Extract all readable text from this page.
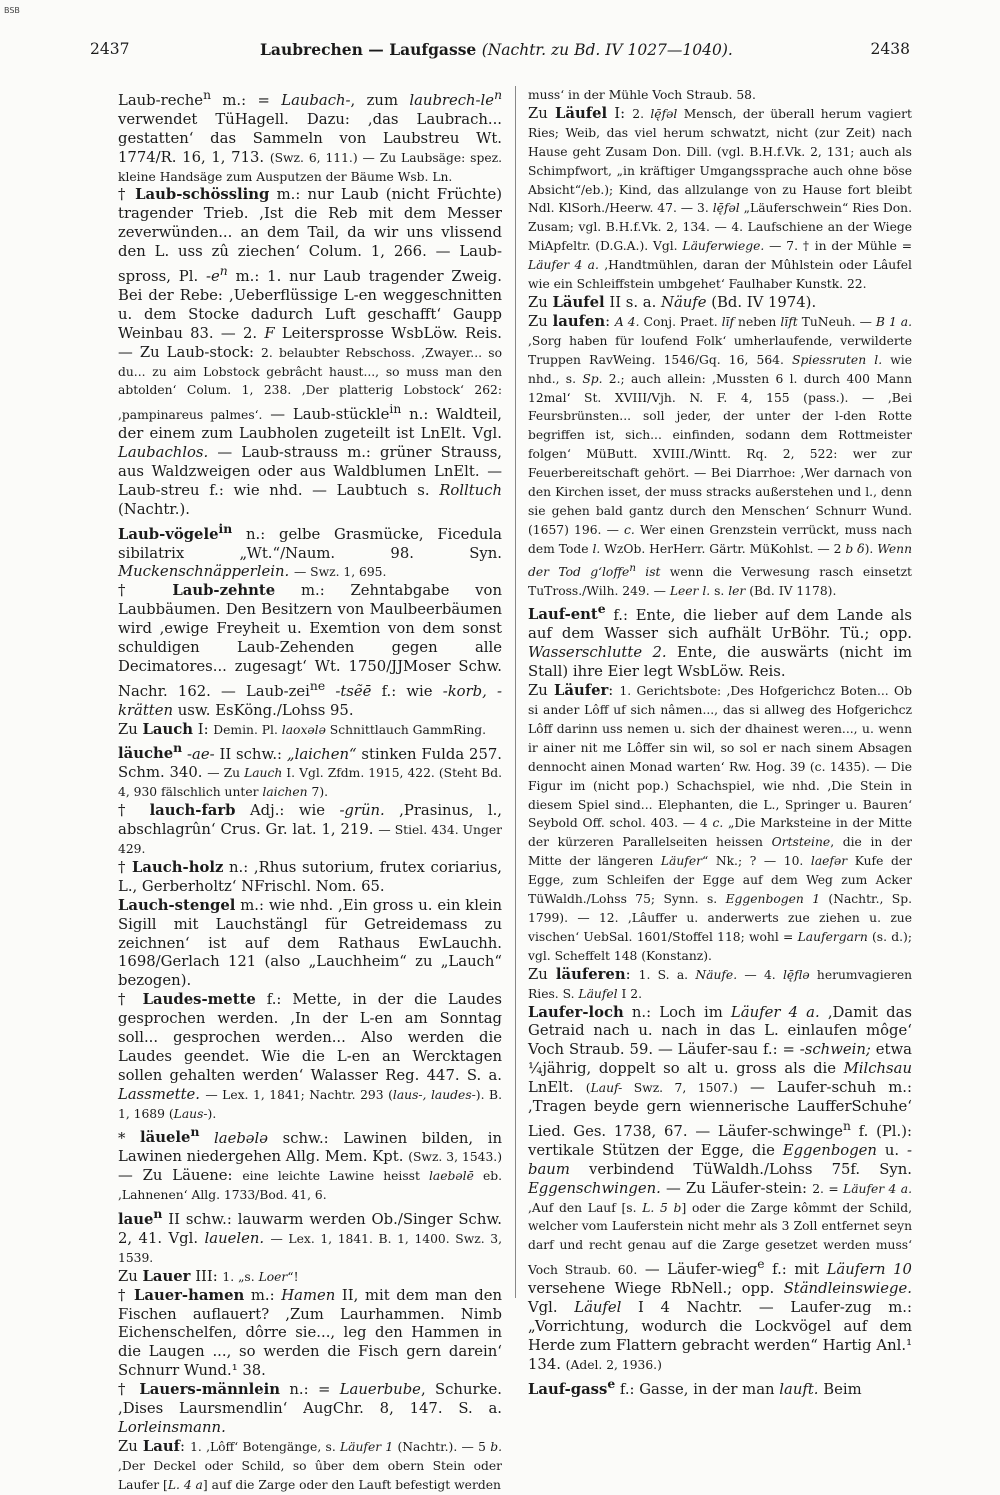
BSB
2437	Laubrechen — Laufgasse (Nachtr. zu Bd. IV 1027—1040).	2438

Laub-reche$^n$ m.: = Laubach-, zum laubrech-$le^n$ verwendet TüHagell. Dazu: ,das Laubrach... gestatten‘ das Sammeln von Laubstreu Wt. 1774/R. 16, 1, 713. (Swz. 6, 111.) — Zu Laubsäge: spez. kleine Handsäge zum Ausputzen der Bäume Wsb. Ln.

† Laub-schössling m.: nur Laub (nicht Früchte) tragender Trieb. ,Ist die Reb mit dem Messer zeverwünden... an dem Tail, da wir uns vlissend den L. uss zû ziechen‘ Colum. 1, 266. — Laub-spross, Pl. $-e^n$ m.: 1. nur Laub tragender Zweig. Bei der Rebe: ,Ueberflüssige L-en weggeschnitten u. dem Stocke dadurch Luft geschafft‘ Gaupp Weinbau 83. — 2. F Leitersprosse WsbLöw. Reis. — Zu Laub-stock: 2. belaubter Rebschoss. ,Zwayer... so du... zu aim Lobstock gebrâcht haust..., so muss man den abtolden‘ Colum. 1, 238. ,Der platterig Lobstock‘ 262: ,pampinareus palmes‘. — Laub-stückle$^{in}$ n.: Waldteil, der einem zum Laubholen zugeteilt ist LnElt. Vgl. Laubachlos. — Laub-strauss m.: grüner Strauss, aus Waldzweigen oder aus Waldblumen LnElt. — Laub-streu f.: wie nhd. — Laubtuch s. Rolltuch (Nachtr.).

Laub-vögele$^{in}$ n.: gelbe Grasmücke, Ficedula sibilatrix „Wt.“/Naum. 98. Syn. Muckenschnäpperlein. — Swz. 1, 695.

† Laub-zehnte m.: Zehntabgabe von Laubbäumen. Den Besitzern von Maulbeerbäumen wird ,ewige Freyheit u. Exemtion von dem sonst schuldigen Laub-Zehenden gegen alle Decimatores... zugesagt‘ Wt. 1750/JJMoser Schw. Nachr. 162. — Laub-zei$^{ne}$ -tsẽē f.: wie -korb, -krätten usw. EsKöng./Lohss 95.

Zu Lauch I: Demin. Pl. laoxǝlǝ Schnittlauch GammRing.

läuche$^n$ -ae- II schw.: „laichen“ stinken Fulda 257. Schm. 340. — Zu Lauch I. Vgl. Zfdm. 1915, 422. (Steht Bd. 4, 930 fälschlich unter laichen 7).

† lauch-farb Adj.: wie -grün. ,Prasinus, l., abschlagrûn‘ Crus. Gr. lat. 1, 219. — Stiel. 434. Unger 429.

† Lauch-holz n.: ,Rhus sutorium, frutex coriarius, L., Gerberholtz‘ NFrischl. Nom. 65.

Lauch-stengel m.: wie nhd. ,Ein gross u. ein klein Sigill mit Lauchstängl für Getreidemass zu zeichnen‘ ist auf dem Rathaus EwLauchh. 1698/Gerlach 121 (also „Lauchheim“ zu „Lauch“ bezogen).

† Laudes-mette f.: Mette, in der die Laudes gesprochen werden. ,In der L-en am Sonntag soll... gesprochen werden... Also werden die Laudes geendet. Wie die L-en an Wercktagen sollen gehalten werden‘ Walasser Reg. 447. S. a. Lassmette. — Lex. 1, 1841; Nachtr. 293 (laus-, laudes-). B. 1, 1689 (Laus-).

* läuele$^n$ laebǝlǝ schw.: Lawinen bilden, in Lawinen niedergehen Allg. Mem. Kpt. (Swz. 3, 1543.) — Zu Läuene: eine leichte Lawine heisst laebǝlē eb. ,Lahnenen‘ Allg. 1733/Bod. 41, 6.

laue$^n$ II schw.: lauwarm werden Ob./Singer Schw. 2, 41. Vgl. lauelen. — Lex. 1, 1841. B. 1, 1400. Swz. 3, 1539.

Zu Lauer III: 1. „s. Loer“!

† Lauer-hamen m.: Hamen II, mit dem man den Fischen auflauert? ,Zum Laurhammen. Nimb Eichenschelfen, dôrre sie..., leg den Hammen in die Laugen ..., so werden die Fisch gern darein‘ Schnurr Wund.¹ 38.

† Lauers-männlein n.: = Lauerbube, Schurke. ,Dises Laursmendlin‘ AugChr. 8, 147. S. a. Lorleinsmann.

Zu Lauf: 1. ,Lôff‘ Botengänge, s. Läufer 1 (Nachtr.). — 5 b. ,Der Deckel oder Schild, so ûber dem obern Stein oder Laufer [L. 4 a] auf die Zarge oder den Lauft befestigt werden

muss‘ in der Mühle Voch Straub. 58.

Zu Läufel I: 2. lę̄fǝl Mensch, der überall herum vagiert Ries; Weib, das viel herum schwatzt, nicht (zur Zeit) nach Hause geht Zusam Don. Dill. (vgl. B.H.f.Vk. 2, 131; auch als Schimpfwort, „in kräftiger Umgangssprache auch ohne böse Absicht“/eb.); Kind, das allzulange von zu Hause fort bleibt Ndl. KlSorh./Heerw. 47. — 3. lę̄fǝl „Läuferschwein“ Ries Don. Zusam; vgl. B.H.f.Vk. 2, 134. — 4. Laufschiene an der Wiege MiApfeltr. (D.G.A.). Vgl. Läuferwiege. — 7. † in der Mühle = Läufer 4 a. ,Handtmühlen, daran der Mûhlstein oder Lâufel wie ein Schleiffstein umbgehet‘ Faulhaber Kunstk. 22.

Zu Läufel II s. a. Näufe (Bd. IV 1974).

Zu laufen: A 4. Conj. Praet. līf neben līft TuNeuh. — B 1 a. ,Sorg haben für loufend Folk‘ umherlaufende, verwilderte Truppen RavWeing. 1546/Gq. 16, 564. Spiessruten l. wie nhd., s. Sp. 2.; auch allein: ,Mussten 6 l. durch 400 Mann 12mal‘ St. XVIII/Vjh. N. F. 4, 155 (pass.). — ,Bei Feursbrünsten... soll jeder, der unter der l-den Rotte begriffen ist, sich... einfinden, sodann dem Rottmeister folgen‘ MüButt. XVIII./Wintt. Rq. 2, 522: wer zur Feuerbereitschaft gehört. — Bei Diarrhoe: ,Wer darnach von den Kirchen isset, der muss stracks außerstehen und l., denn sie gehen bald gantz durch den Menschen‘ Schnurr Wund. (1657) 196. — c. Wer einen Grenzstein verrückt, muss nach dem Tode l. WzOb. HerHerr. Gärtr. MüKohlst. — 2 b δ). Wenn der Tod g‘loffe$^n$ ist wenn die Verwesung rasch einsetzt TuTross./Wilh. 249. — Leer l. s. ler (Bd. IV 1178).

Lauf-ent$^e$ f.: Ente, die lieber auf dem Lande als auf dem Wasser sich aufhält UrBöhr. Tü.; opp. Wasserschlutte 2. Ente, die auswärts (nicht im Stall) ihre Eier legt WsbLöw. Reis.

Zu Läufer: 1. Gerichtsbote: ,Des Hofgerichcz Boten... Ob si ander Lôff uf sich nâmen..., das si allweg des Hofgerichcz Lôff darinn uss nemen u. sich der dhainest weren..., u. wenn ir ainer nit me Lôffer sin wil, so sol er nach sinem Absagen dennocht ainen Monad warten‘ Rw. Hog. 39 (c. 1435). — Die Figur im (nicht pop.) Schachspiel, wie nhd. ,Die Stein in diesem Spiel sind... Elephanten, die L., Springer u. Bauren‘ Seybold Off. schol. 403. — 4 c. „Die Marksteine in der Mitte der kürzeren Parallelseiten heissen Ortsteine, die in der Mitte der längeren Läufer“ Nk.; ? — 10. laefǝr Kufe der Egge, zum Schleifen der Egge auf dem Weg zum Acker TüWaldh./Lohss 75; Synn. s. Eggenbogen 1 (Nachtr., Sp. 1799). — 12. ,Lâuffer u. anderwerts zue ziehen u. zue vischen‘ UebSal. 1601/Stoffel 118; wohl = Laufergarn (s. d.); vgl. Scheffelt 148 (Konstanz).

Zu läuferen: 1. S. a. Näufe. — 4. lę̄flǝ herumvagieren Ries. S. Läufel I 2.

Laufer-loch n.: Loch im Läufer 4 a. ,Damit das Getraid nach u. nach in das L. einlaufen môge‘ Voch Straub. 59. — Läufer-sau f.: = -schwein; etwa ¼jährig, doppelt so alt u. gross als die Milchsau LnElt. (Lauf- Swz. 7, 1507.) — Laufer-schuh m.: ,Tragen beyde gern wiennerische LaufferSchuhe‘ Lied. Ges. 1738, 67. — Läufer-schwinge$^n$ f. (Pl.): vertikale Stützen der Egge, die Eggenbogen u. -baum verbindend TüWaldh./Lohss 75f. Syn. Eggenschwingen. — Zu Läufer-stein: 2. = Läufer 4 a. ,Auf den Lauf [s. L. 5 b] oder die Zarge kômmt der Schild, welcher vom Lauferstein nicht mehr als 3 Zoll entfernet seyn darf und recht genau auf die Zarge gesetzet werden muss‘ Voch Straub. 60. — Läufer-wieg$^e$ f.: mit Läufern 10 versehene Wiege RbNell.; opp. Ständleinswiege. Vgl. Läufel I 4 Nachtr. — Laufer-zug m.: „Vorrichtung, wodurch die Lockvögel auf dem Herde zum Flattern gebracht werden“ Hartig Anl.¹ 134. (Adel. 2, 1936.)

Lauf-gass$^e$ f.: Gasse, in der man lauft. Beim
